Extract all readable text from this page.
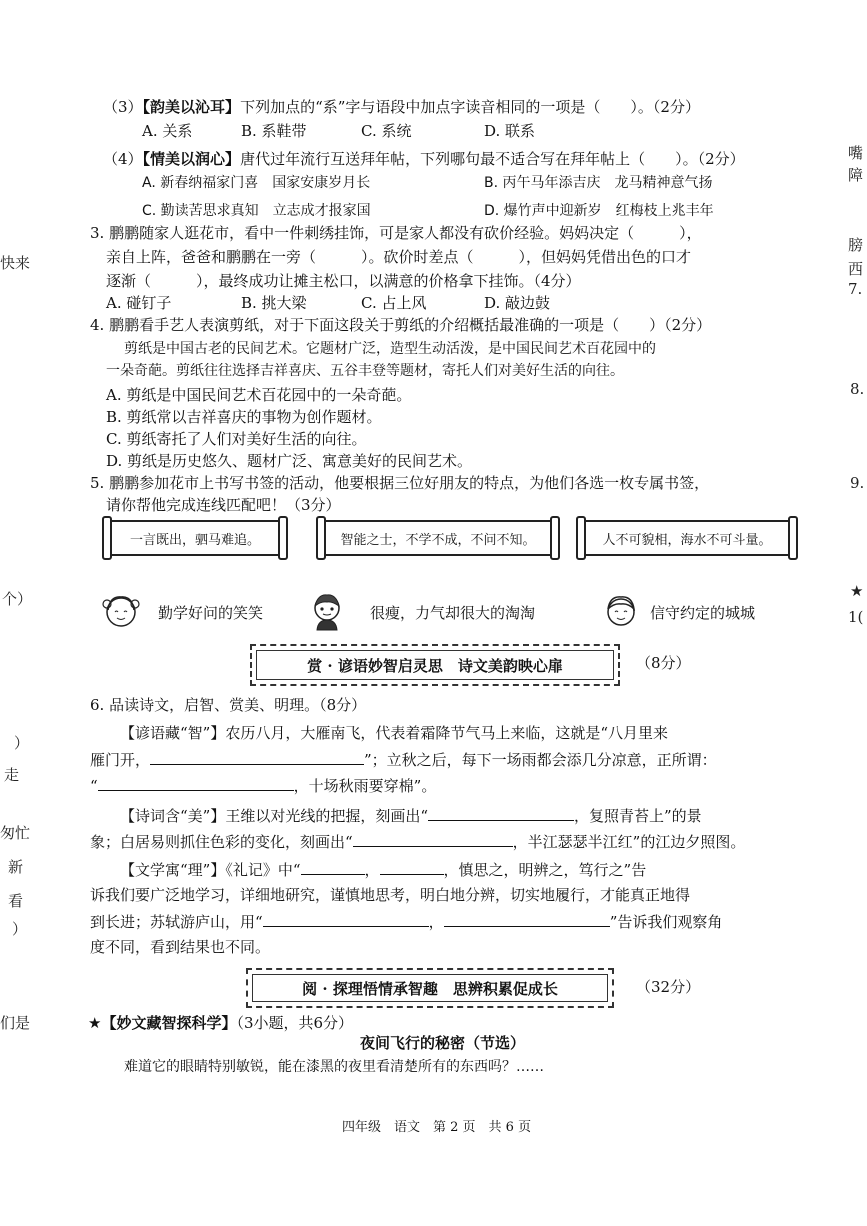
（3）【韵美以沁耳】下列加点的“系”字与语段中加点字读音相同的一项是（　　）。（2分）
A. 关系	B. 系鞋带	C. 系统	D. 联系
（4）【情美以润心】唐代过年流行互送拜年帖，下列哪句最不适合写在拜年帖上（　　）。（2分）
A. 新春纳福家门喜　国家安康岁月长	B. 丙午马年添吉庆　龙马精神意气扬
C. 勤读苦思求真知　立志成才报家国	D. 爆竹声中迎新岁　红梅枝上兆丰年
3. 鹏鹏随家人逛花市，看中一件刺绣挂饰，可是家人都没有砍价经验。妈妈决定（　　　），
亲自上阵，爸爸和鹏鹏在一旁（　　　）。砍价时差点（　　　），但妈妈凭借出色的口才
逐渐（　　　），最终成功让摊主松口，以满意的价格拿下挂饰。（4分）
A. 碰钉子	B. 挑大梁	C. 占上风	D. 敲边鼓
4. 鹏鹏看手艺人表演剪纸，对于下面这段关于剪纸的介绍概括最准确的一项是（　　）（2分）
剪纸是中国古老的民间艺术。它题材广泛，造型生动活泼，是中国民间艺术百花园中的
一朵奇葩。剪纸往往选择吉祥喜庆、五谷丰登等题材，寄托人们对美好生活的向往。
A. 剪纸是中国民间艺术百花园中的一朵奇葩。
B. 剪纸常以吉祥喜庆的事物为创作题材。
C. 剪纸寄托了人们对美好生活的向往。
D. 剪纸是历史悠久、题材广泛、寓意美好的民间艺术。
5. 鹏鹏参加花市上书写书签的活动，他要根据三位好朋友的特点，为他们各选一枚专属书签，
请你帮他完成连线匹配吧！（3分）
一言既出，驷马难追。	智能之士，不学不成，不问不知。	人不可貌相，海水不可斗量。
勤学好问的笑笑	很瘦，力气却很大的淘淘	信守约定的城城
赏 · 谚语妙智启灵思　诗文美韵映心扉	（8分）
6. 品读诗文，启智、赏美、明理。（8分）
【谚语藏“智”】农历八月，大雁南飞，代表着霜降节气马上来临，这就是“八月里来
雁门开，	”；立秋之后，每下一场雨都会添几分凉意，正所谓：
“	，十场秋雨要穿棉”。
【诗词含“美”】王维以对光线的把握，刻画出“	，复照青苔上”的景
象；白居易则抓住色彩的变化，刻画出“	，半江瑟瑟半江红”的江边夕照图。
【文学寓“理”】《礼记》中“	，	，慎思之，明辨之，笃行之”告
诉我们要广泛地学习，详细地研究，谨慎地思考，明白地分辨，切实地履行，才能真正地得
到长进；苏轼游庐山，用“	，	”告诉我们观察角
度不同，看到结果也不同。
阅 · 探理悟情承智趣　思辨积累促成长	（32分）
★【妙文藏智探科学】（3小题，共6分）
夜间飞行的秘密（节选）
难道它的眼睛特别敏锐，能在漆黑的夜里看清楚所有的东西吗？……
四年级　语文　第 2 页　共 6 页
快来
个）
）
走
匆忙
新
看
）
们是
嘴
障
膀
西
7.
8.
9.
★
1(
